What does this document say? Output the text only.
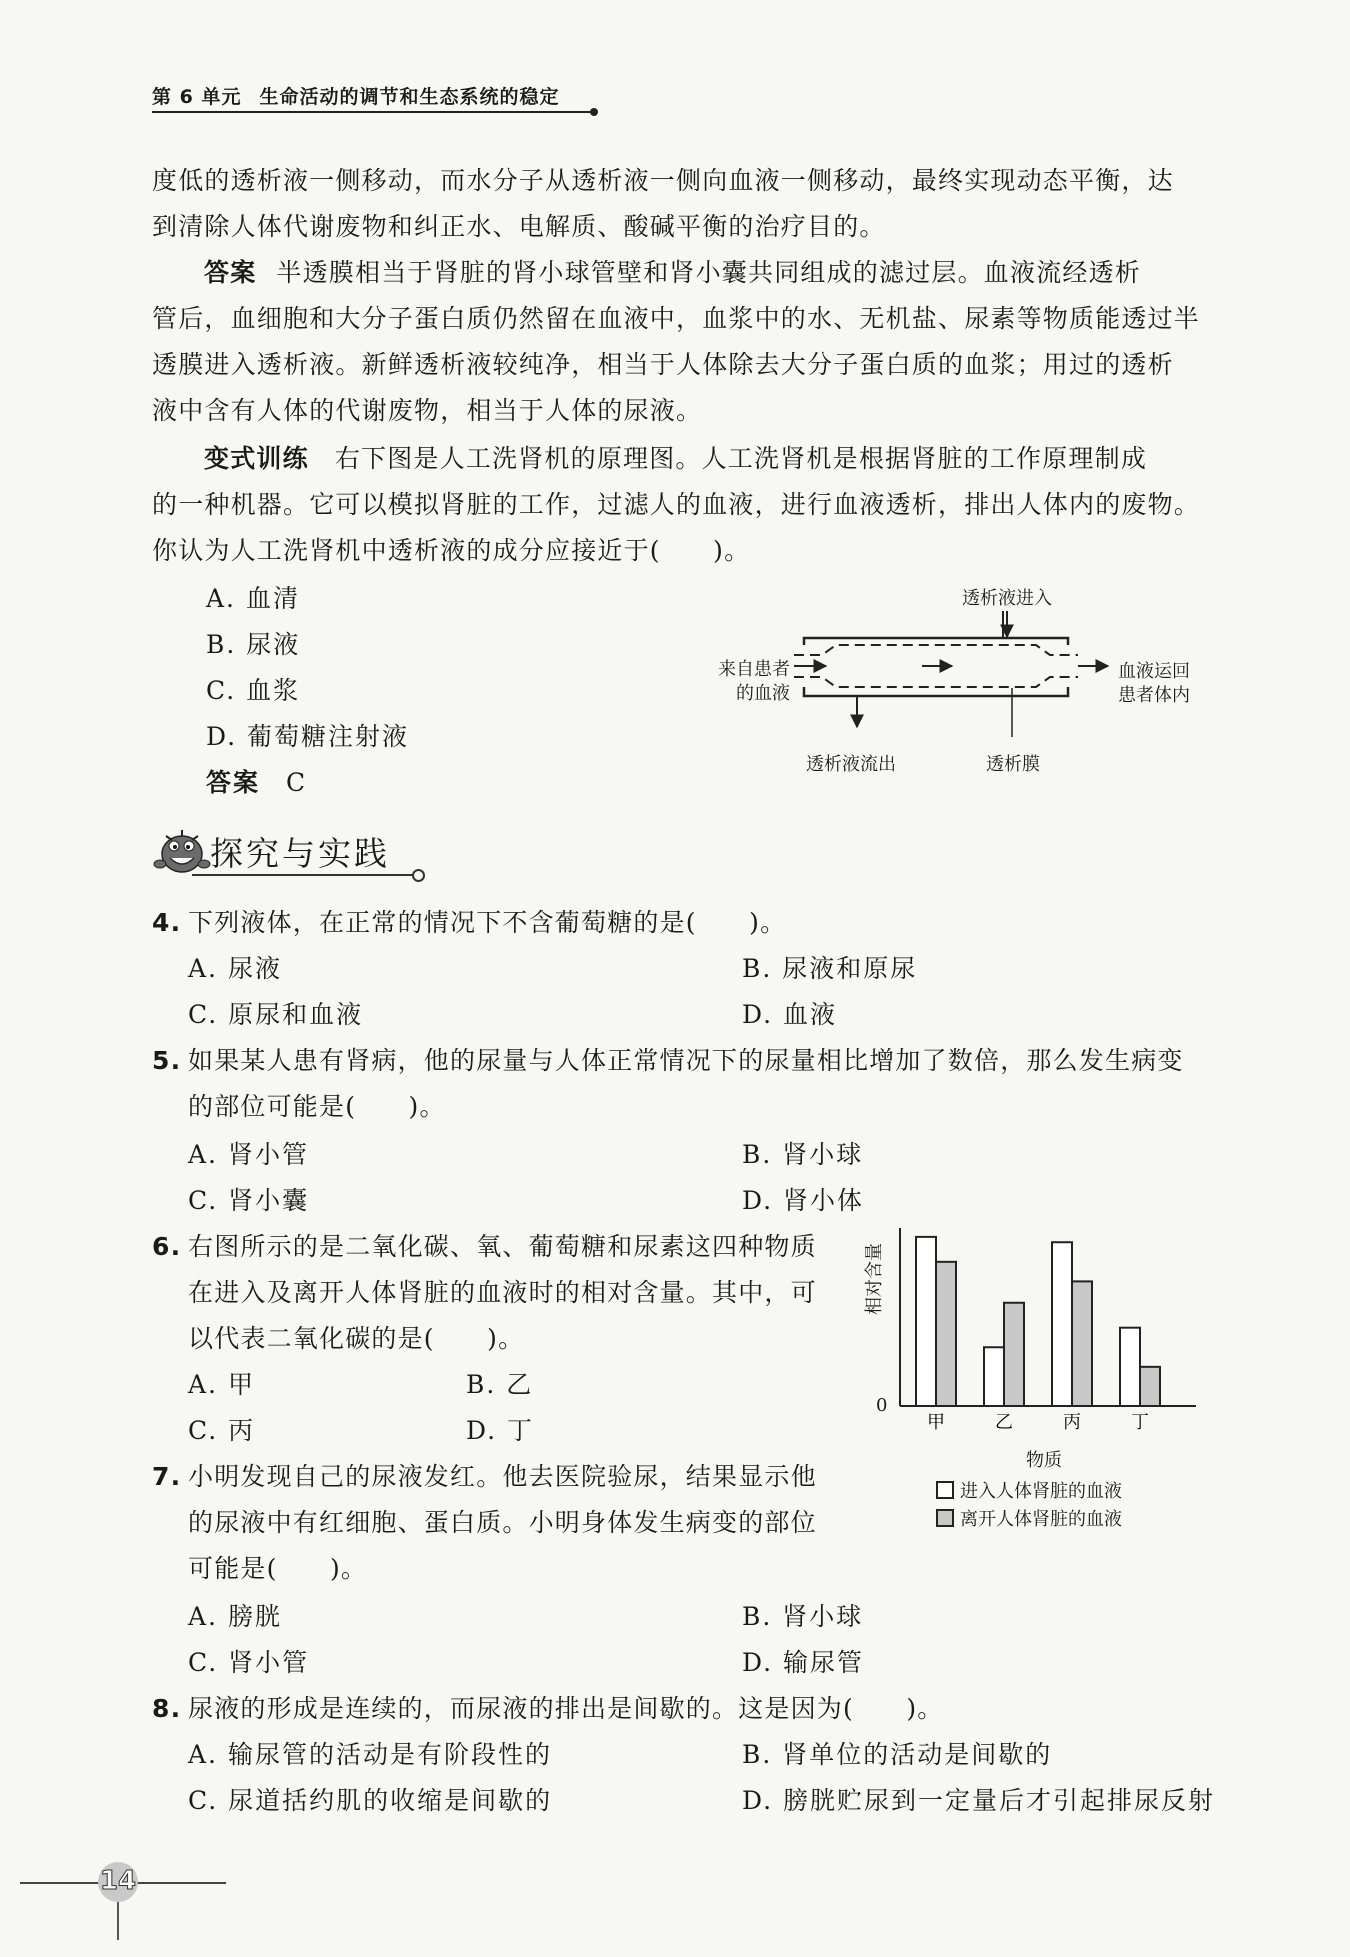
第 6 单元 生命活动的调节和生态系统的稳定

度低的透析液一侧移动，而水分子从透析液一侧向血液一侧移动，最终实现动态平衡，达

到清除人体代谢废物和纠正水、电解质、酸碱平衡的治疗目的。

答案 半透膜相当于肾脏的肾小球管壁和肾小囊共同组成的滤过层。血液流经透析

管后，血细胞和大分子蛋白质仍然留在血液中，血浆中的水、无机盐、尿素等物质能透过半

透膜进入透析液。新鲜透析液较纯净，相当于人体除去大分子蛋白质的血浆；用过的透析

液中含有人体的代谢废物，相当于人体的尿液。

变式训练 右下图是人工洗肾机的原理图。人工洗肾机是根据肾脏的工作原理制成

的一种机器。它可以模拟肾脏的工作，过滤人的血液，进行血液透析，排出人体内的废物。

你认为人工洗肾机中透析液的成分应接近于(　　)。

A. 血清
B. 尿液
C. 血浆
D. 葡萄糖注射液
答案 C
透析液进入
来自患者
的血液
血液运回
患者体内
透析液流出	透析膜
探究与实践
4. 下列液体，在正常的情况下不含葡萄糖的是(　　)。
A. 尿液	B. 尿液和原尿
C. 原尿和血液	D. 血液
5. 如果某人患有肾病，他的尿量与人体正常情况下的尿量相比增加了数倍，那么发生病变
的部位可能是(　　)。
A. 肾小管	B. 肾小球
C. 肾小囊	D. 肾小体
6. 右图所示的是二氧化碳、氧、葡萄糖和尿素这四种物质
在进入及离开人体肾脏的血液时的相对含量。其中，可
以代表二氧化碳的是(　　)。
A. 甲	B. 乙
C. 丙	D. 丁	甲	乙	丙	丁
0
相对含量
物质
进入人体肾脏的血液
离开人体肾脏的血液
7. 小明发现自己的尿液发红。他去医院验尿，结果显示他
的尿液中有红细胞、蛋白质。小明身体发生病变的部位
可能是(　　)。
A. 膀胱	B. 肾小球
C. 肾小管	D. 输尿管
8. 尿液的形成是连续的，而尿液的排出是间歇的。这是因为(　　)。
A. 输尿管的活动是有阶段性的	B. 肾单位的活动是间歇的
C. 尿道括约肌的收缩是间歇的	D. 膀胱贮尿到一定量后才引起排尿反射
14
